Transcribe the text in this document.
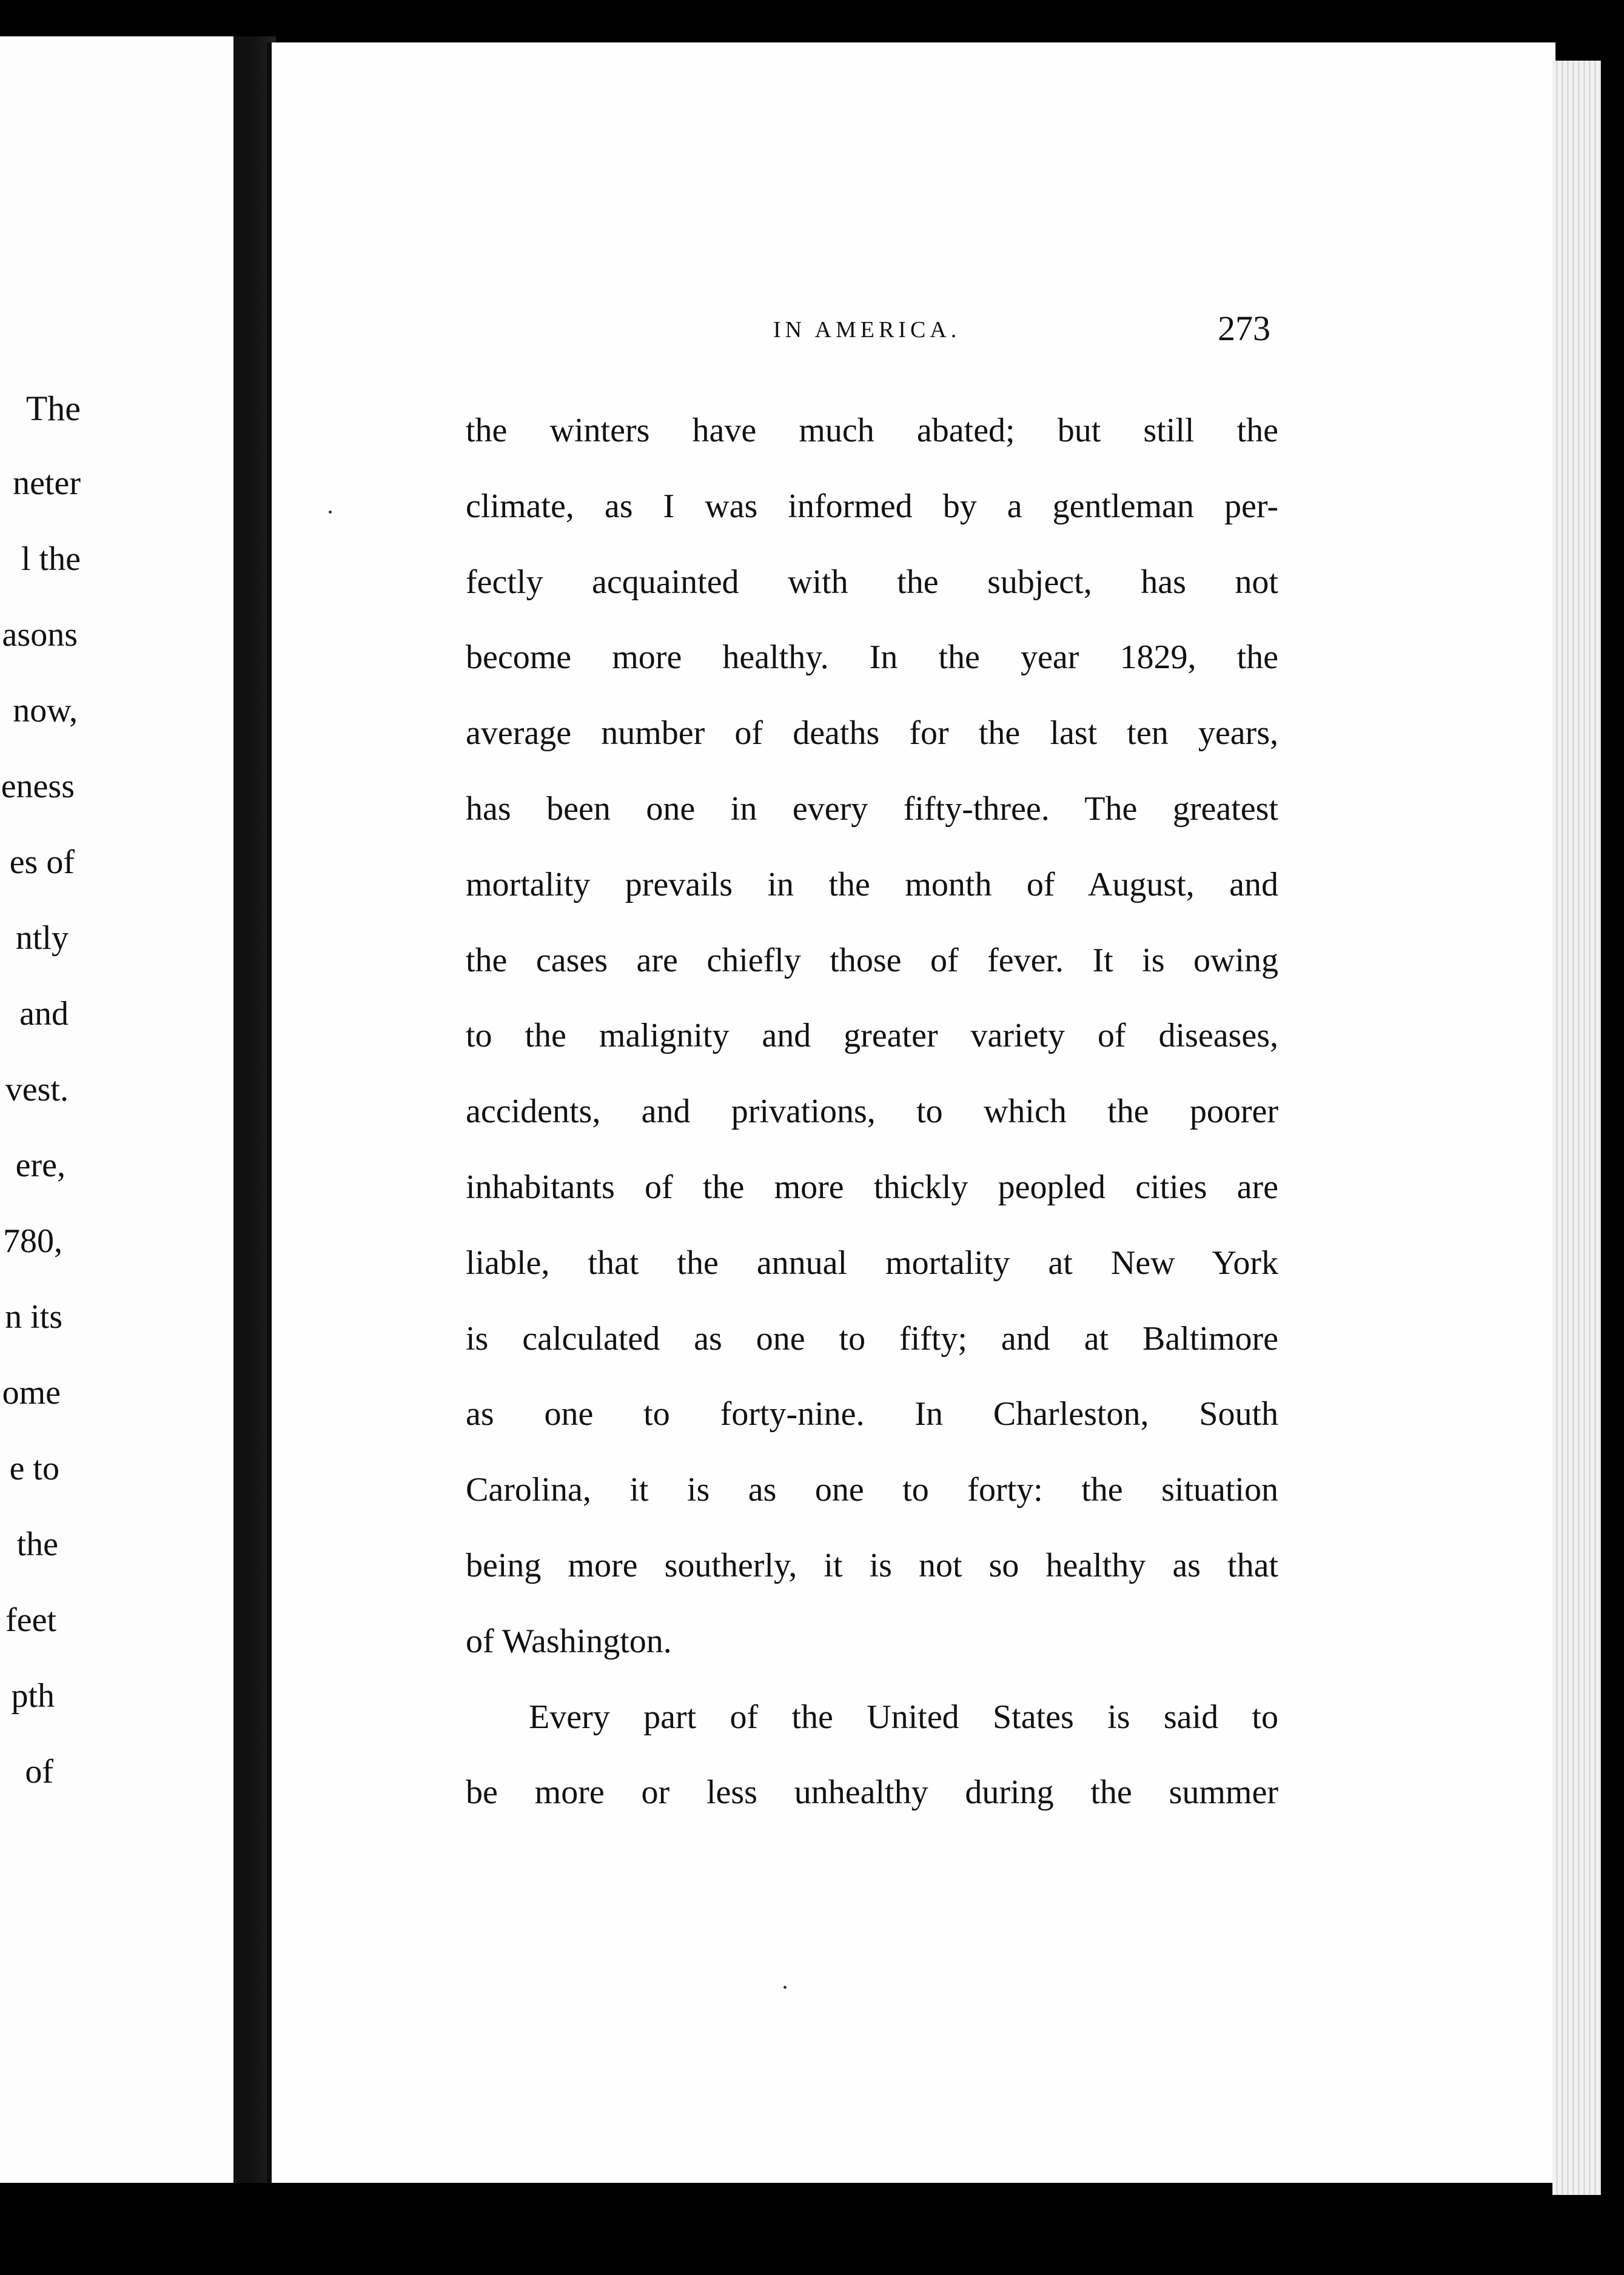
The
neter
l the
asons
now,
eness
es of
ntly
and
vest.
ere,
780,
n its
ome
e to
the
feet
pth
of
IN AMERICA.	273
the winters have much abated; but still the
climate, as I was informed by a gentleman per-
fectly acquainted with the subject, has not
become more healthy. In the year 1829, the
average number of deaths for the last ten years,
has been one in every fifty-three. The greatest
mortality prevails in the month of August, and
the cases are chiefly those of fever. It is owing
to the malignity and greater variety of diseases,
accidents, and privations, to which the poorer
inhabitants of the more thickly peopled cities are
liable, that the annual mortality at New York
is calculated as one to fifty; and at Baltimore
as one to forty-nine. In Charleston, South
Carolina, it is as one to forty: the situation
being more southerly, it is not so healthy as that
of Washington.
Every part of the United States is said to
be more or less unhealthy during the summer
